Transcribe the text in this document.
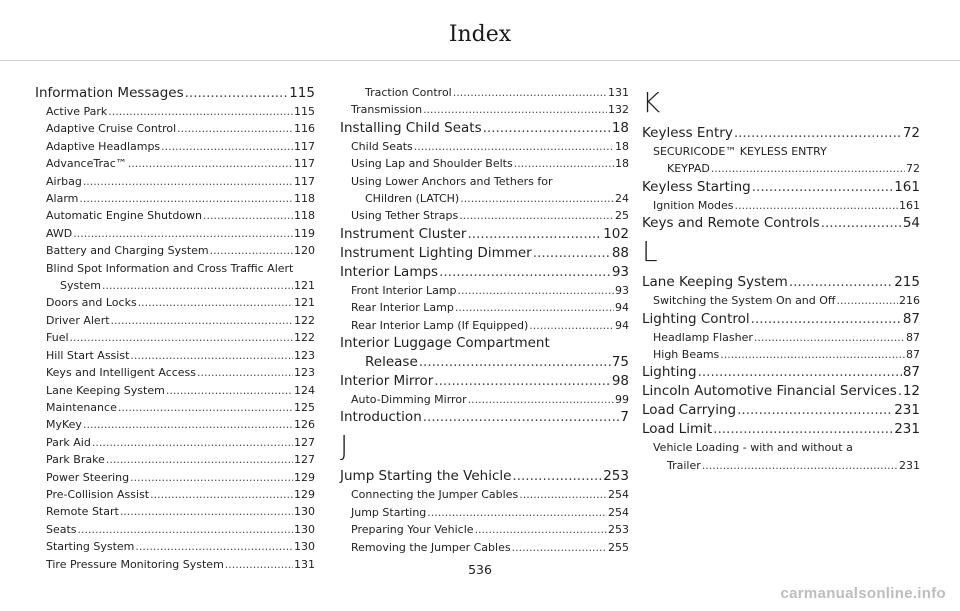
Index
Information Messages .....	115
Active Park .....	115
Adaptive Cruise Control .....	116
Adaptive Headlamps .....	117
AdvanceTrac™ .....	117
Airbag .....	117
Alarm .....	118
Automatic Engine Shutdown .....	118
AWD .....	119
Battery and Charging System .....	120
Blind Spot Information and Cross Traffic Alert
System .....	121
Doors and Locks .....	121
Driver Alert .....	122
Fuel .....	122
Hill Start Assist .....	123
Keys and Intelligent Access .....	123
Lane Keeping System .....	124
Maintenance .....	125
MyKey .....	126
Park Aid .....	127
Park Brake .....	127
Power Steering .....	129
Pre-Collision Assist .....	129
Remote Start .....	130
Seats .....	130
Starting System .....	130
Tire Pressure Monitoring System .....	131
Traction Control .....	131
Transmission .....	132
Installing Child Seats .....	18
Child Seats .....	18
Using Lap and Shoulder Belts .....	18
Using Lower Anchors and Tethers for
CHildren (LATCH) .....	24
Using Tether Straps .....	25
Instrument Cluster .....	102
Instrument Lighting Dimmer .....	88
Interior Lamps .....	93
Front Interior Lamp .....	93
Rear Interior Lamp .....	94
Rear Interior Lamp (If Equipped) .....	94
Interior Luggage Compartment
Release .....	75
Interior Mirror .....	98
Auto-Dimming Mirror .....	99
Introduction .....	7
J
Jump Starting the Vehicle .....	253
Connecting the Jumper Cables .....	254
Jump Starting .....	254
Preparing Your Vehicle .....	253
Removing the Jumper Cables .....	255
K
Keyless Entry .....	72
SECURICODE™ KEYLESS ENTRY
KEYPAD .....	72
Keyless Starting .....	161
Ignition Modes .....	161
Keys and Remote Controls .....	54
L
Lane Keeping System .....	215
Switching the System On and Off .....	216
Lighting Control .....	87
Headlamp Flasher .....	87
High Beams .....	87
Lighting .....	87
Lincoln Automotive Financial Services ..... 12
Load Carrying .....	231
Load Limit .....	231
Vehicle Loading - with and without a
Trailer .....	231
536
carmanualsonline.info
